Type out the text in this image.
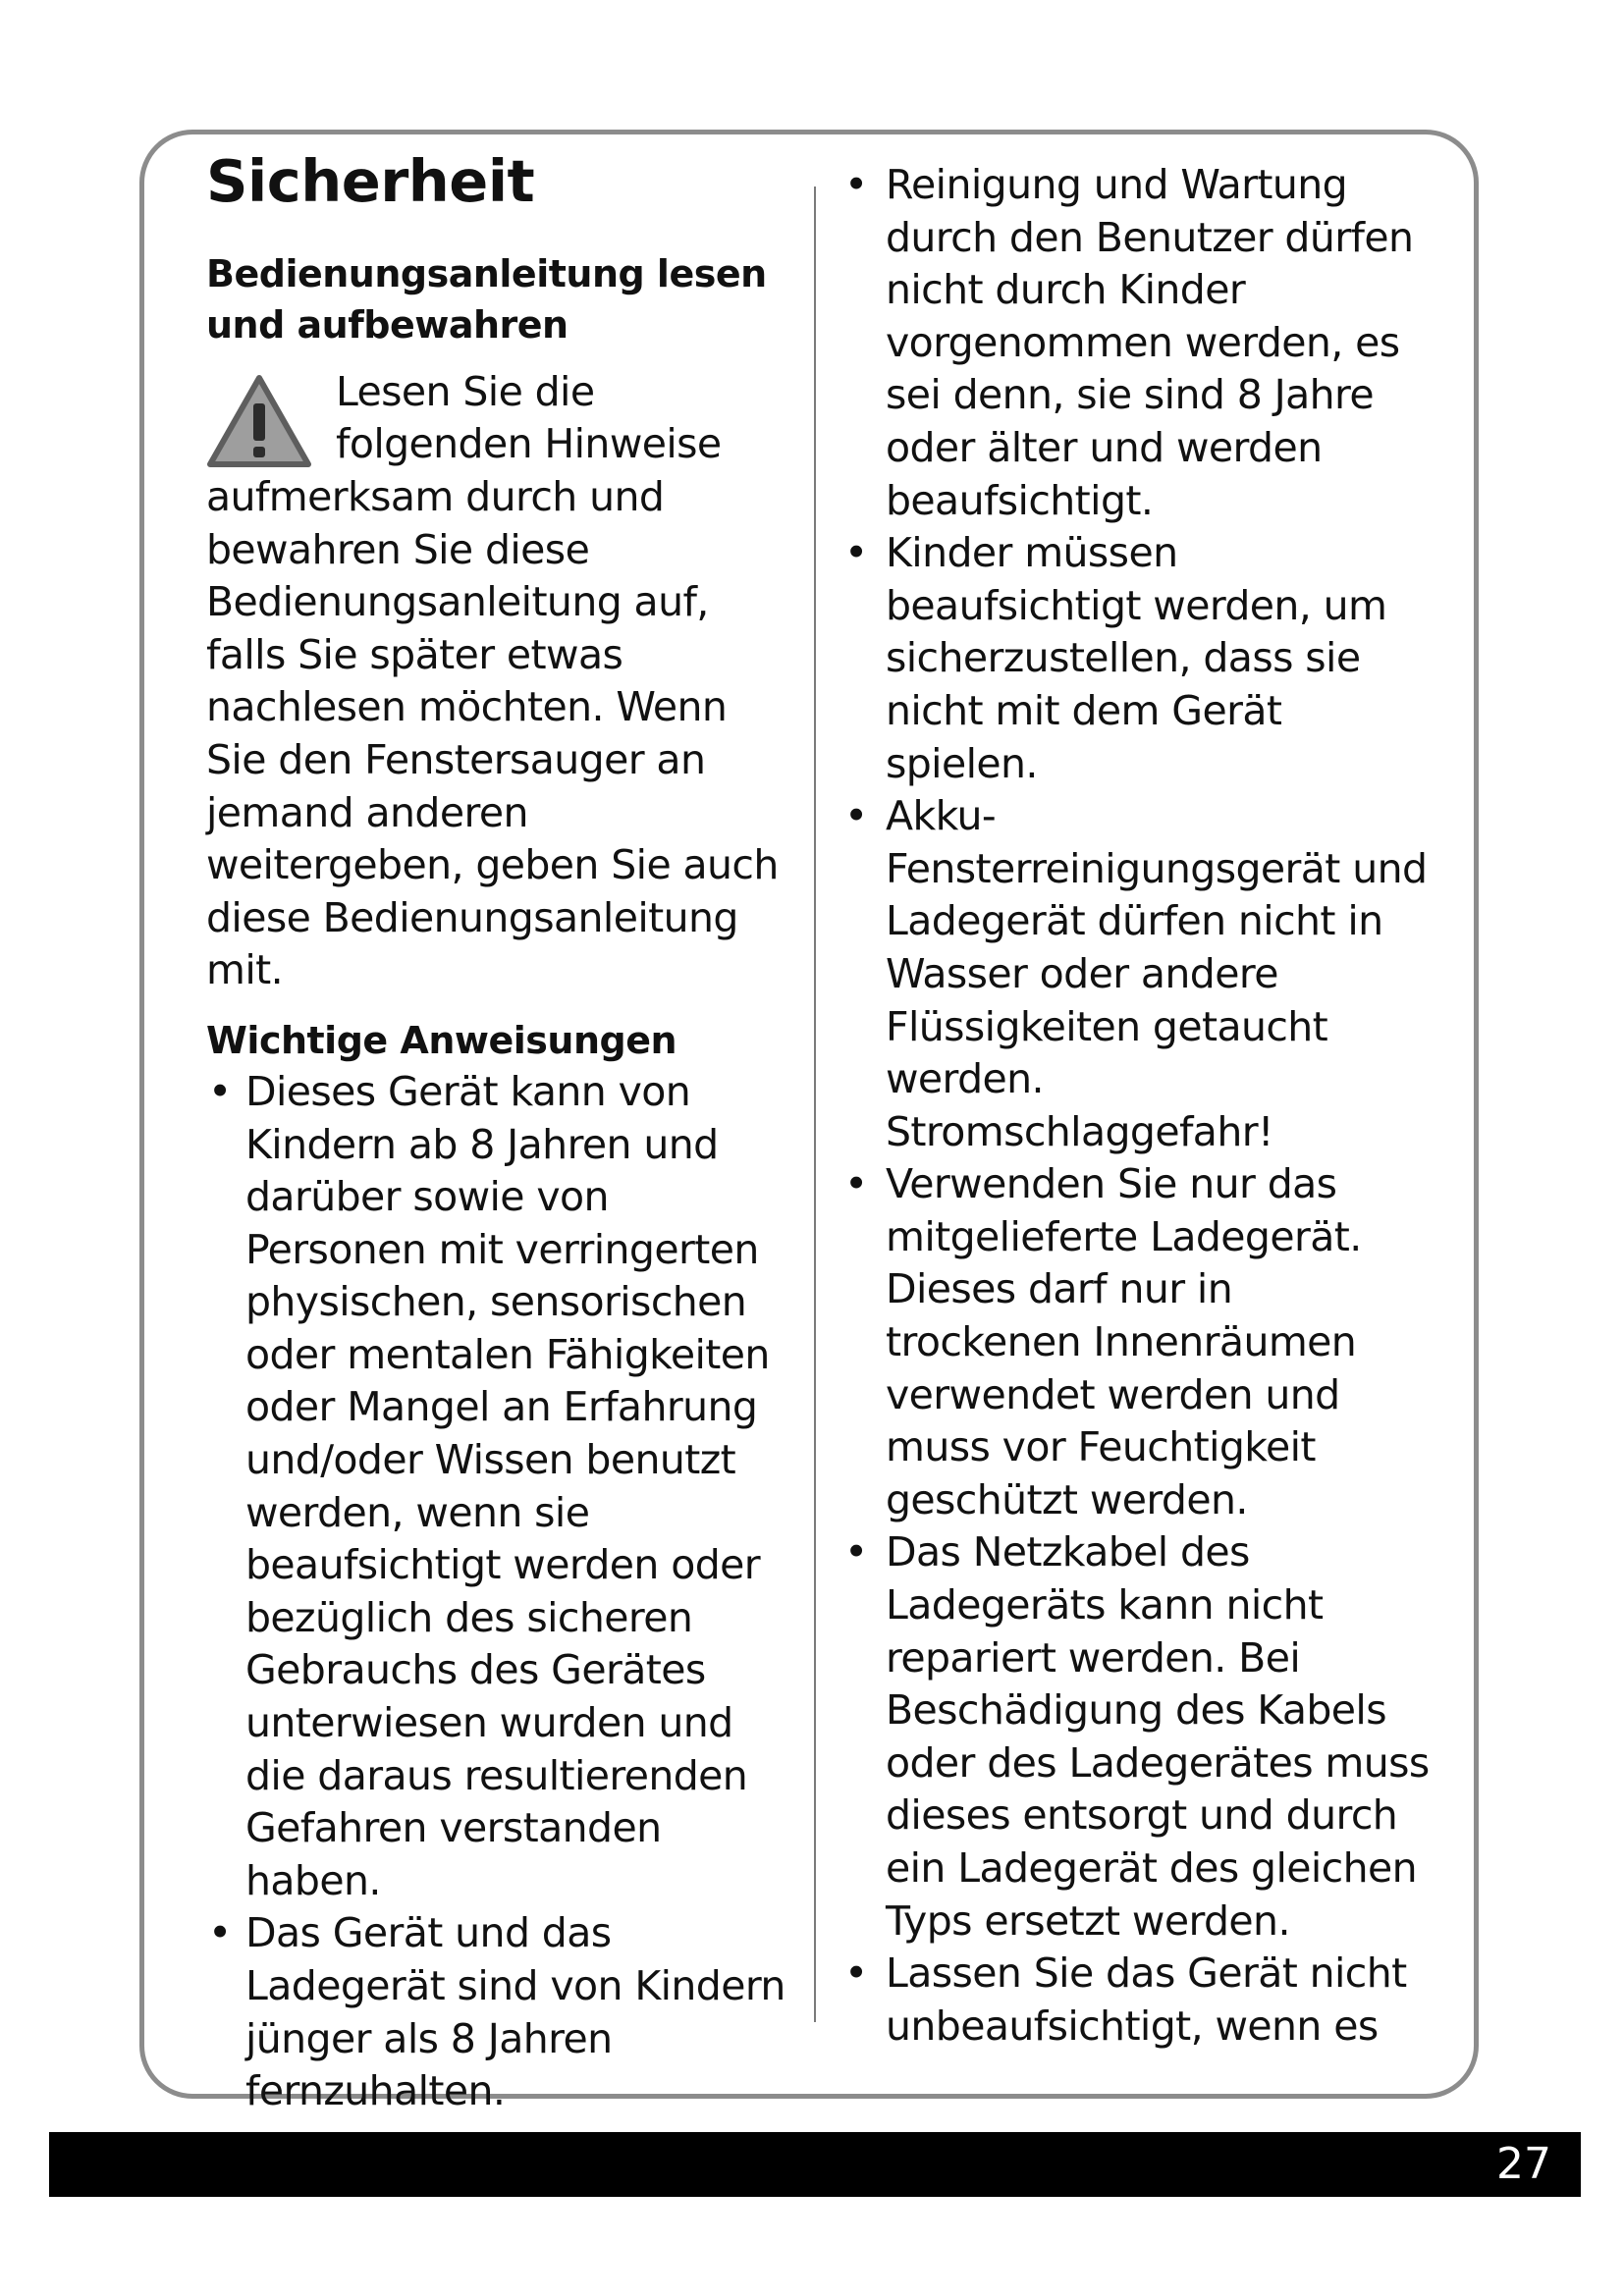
Sicherheit
Bedienungsanleitung lesen und aufbewahren

Lesen Sie die folgenden Hinweise aufmerksam durch und bewahren Sie diese Bedienungsanleitung auf, falls Sie später etwas nachlesen möchten. Wenn Sie den Fenstersauger an jemand anderen weitergeben, geben Sie auch diese Bedienungsanleitung mit.

Wichtige Anweisungen
• Dieses Gerät kann von Kindern ab 8 Jahren und darüber sowie von Personen mit verringerten physischen, sensorischen oder mentalen Fähigkeiten oder Mangel an Erfahrung und/oder Wissen benutzt werden, wenn sie beaufsichtigt werden oder bezüglich des sicheren Gebrauchs des Gerätes unterwiesen wurden und die daraus resultierenden Gefahren verstanden haben.
• Das Gerät und das Ladegerät sind von Kindern jünger als 8 Jahren fernzuhalten.
• Reinigung und Wartung durch den Benutzer dürfen nicht durch Kinder vorgenommen werden, es sei denn, sie sind 8 Jahre oder älter und werden beaufsichtigt.
• Kinder müssen beaufsichtigt werden, um sicherzustellen, dass sie nicht mit dem Gerät spielen.
• Akku-Fensterreinigungsgerät und Ladegerät dürfen nicht in Wasser oder andere Flüssigkeiten getaucht werden. Stromschlaggefahr!
• Verwenden Sie nur das mitgelieferte Ladegerät. Dieses darf nur in trockenen Innenräumen verwendet werden und muss vor Feuchtigkeit geschützt werden.
• Das Netzkabel des Ladegeräts kann nicht repariert werden. Bei Beschädigung des Kabels oder des Ladegerätes muss dieses entsorgt und durch ein Ladegerät des gleichen Typs ersetzt werden.
• Lassen Sie das Gerät nicht unbeaufsichtigt, wenn es
27
